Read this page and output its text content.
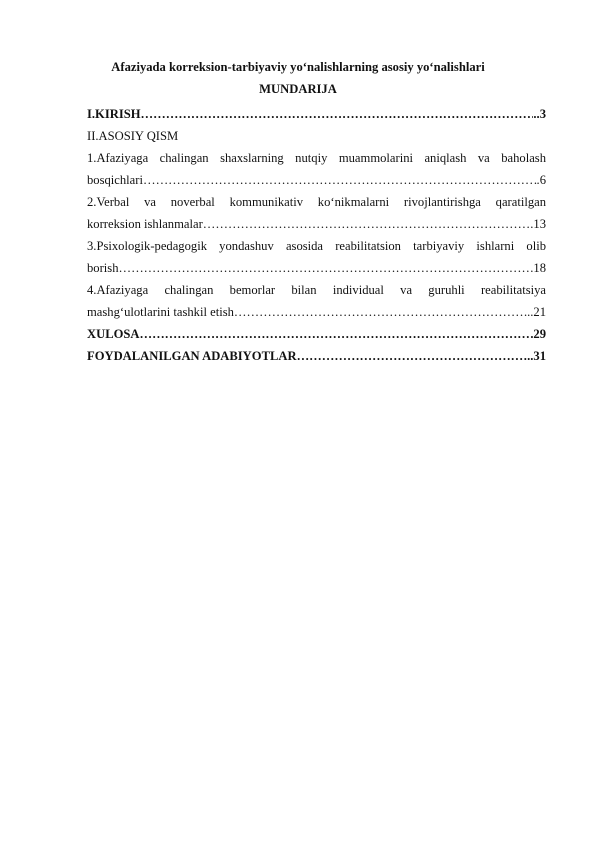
Afaziyada korreksion-tarbiyaviy yo‘nalishlarning asosiy yo‘nalishlari
MUNDARIJA
I.KIRISH ………………………………………………………………………………………………………………………………………………………………	..3
II.ASOSIY QISM
1.Afaziyaga chalingan shaxslarning nutqiy muammolarini aniqlash va baholash
bosqichlari ………………………………………………………………………………………………………………………………………………………………	.6
2.Verbal va noverbal kommunikativ ko‘nikmalarni rivojlantirishga qaratilgan
korreksion ishlanmalar ………………………………………………………………………………………………………………………………………………………………	.13
3.Psixologik-pedagogik yondashuv asosida reabilitatsion tarbiyaviy ishlarni olib
borish ………………………………………………………………………………………………………………………………………………………………	.18
4.Afaziyaga chalingan bemorlar bilan individual va guruhli reabilitatsiya
mashg‘ulotlarini tashkil etish ………………………………………………………………………………………………………………………………………………………………	...21
XULOSA ………………………………………………………………………………………………………………………………………………………………	29
FOYDALANILGAN ADABIYOTLAR ………………………………………………………………………………………………………………………………………………………………	..31
